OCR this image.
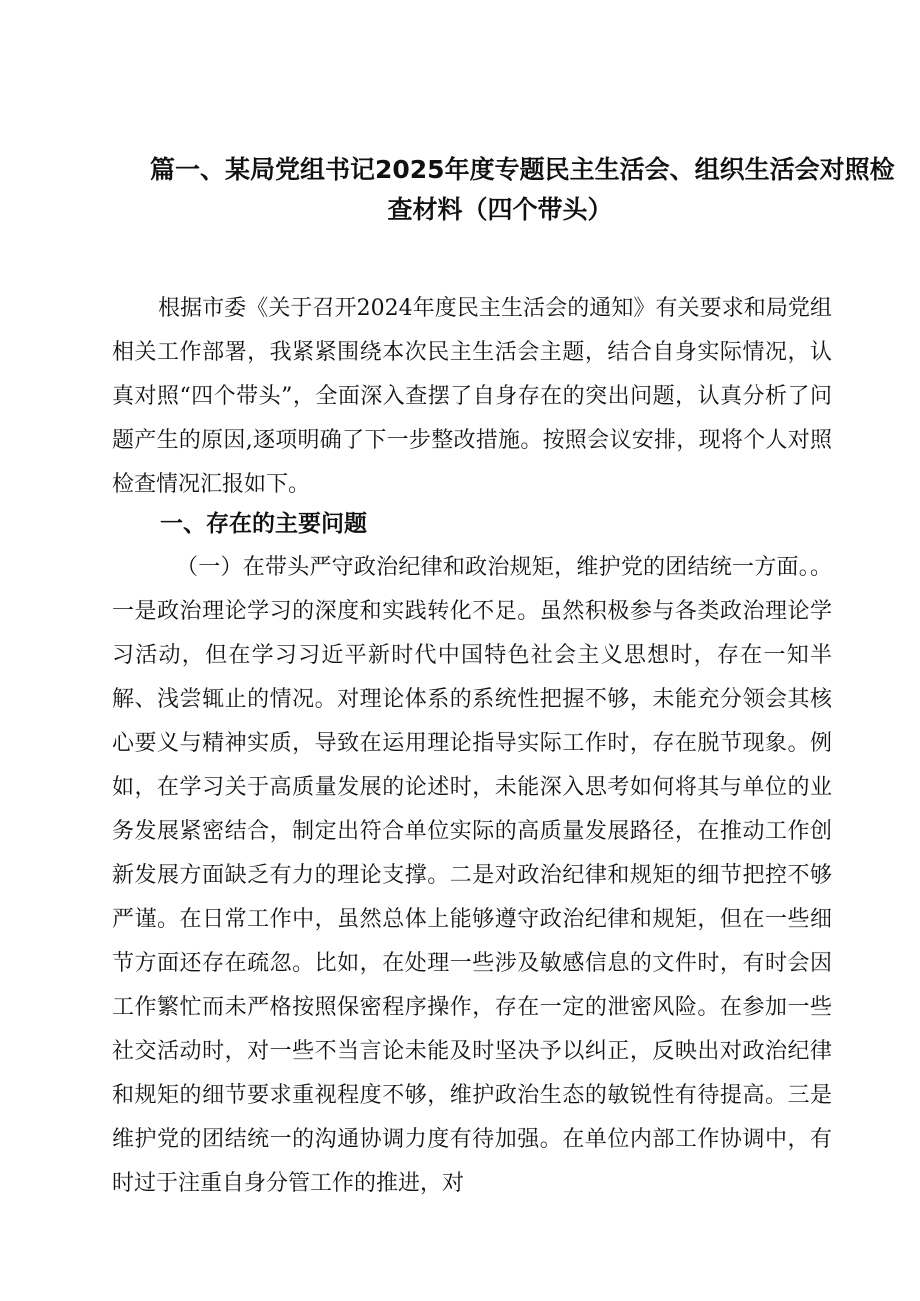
篇一、某局党组书记2025年度专题民主生活会、组织生活会对照检
查材料（四个带头）

根据市委《关于召开2024年度民主生活会的通知》有关要求和局党组相关工作部署，我紧紧围绕本次民主生活会主题，结合自身实际情况，认真对照“四个带头”，全面深入查摆了自身存在的突出问题，认真分析了问题产生的原因,逐项明确了下一步整改措施。按照会议安排，现将个人对照检查情况汇报如下。

一、存在的主要问题

（一）在带头严守政治纪律和政治规矩，维护党的团结统一方面。。一是政治理论学习的深度和实践转化不足。虽然积极参与各类政治理论学习活动，但在学习习近平新时代中国特色社会主义思想时，存在一知半解、浅尝辄止的情况。对理论体系的系统性把握不够，未能充分领会其核心要义与精神实质，导致在运用理论指导实际工作时，存在脱节现象。例如，在学习关于高质量发展的论述时，未能深入思考如何将其与单位的业务发展紧密结合，制定出符合单位实际的高质量发展路径，在推动工作创新发展方面缺乏有力的理论支撑。二是对政治纪律和规矩的细节把控不够严谨。在日常工作中，虽然总体上能够遵守政治纪律和规矩，但在一些细节方面还存在疏忽。比如，在处理一些涉及敏感信息的文件时，有时会因工作繁忙而未严格按照保密程序操作，存在一定的泄密风险。在参加一些社交活动时，对一些不当言论未能及时坚决予以纠正，反映出对政治纪律和规矩的细节要求重视程度不够，维护政治生态的敏锐性有待提高。三是维护党的团结统一的沟通协调力度有待加强。在单位内部工作协调中，有时过于注重自身分管工作的推进，对
